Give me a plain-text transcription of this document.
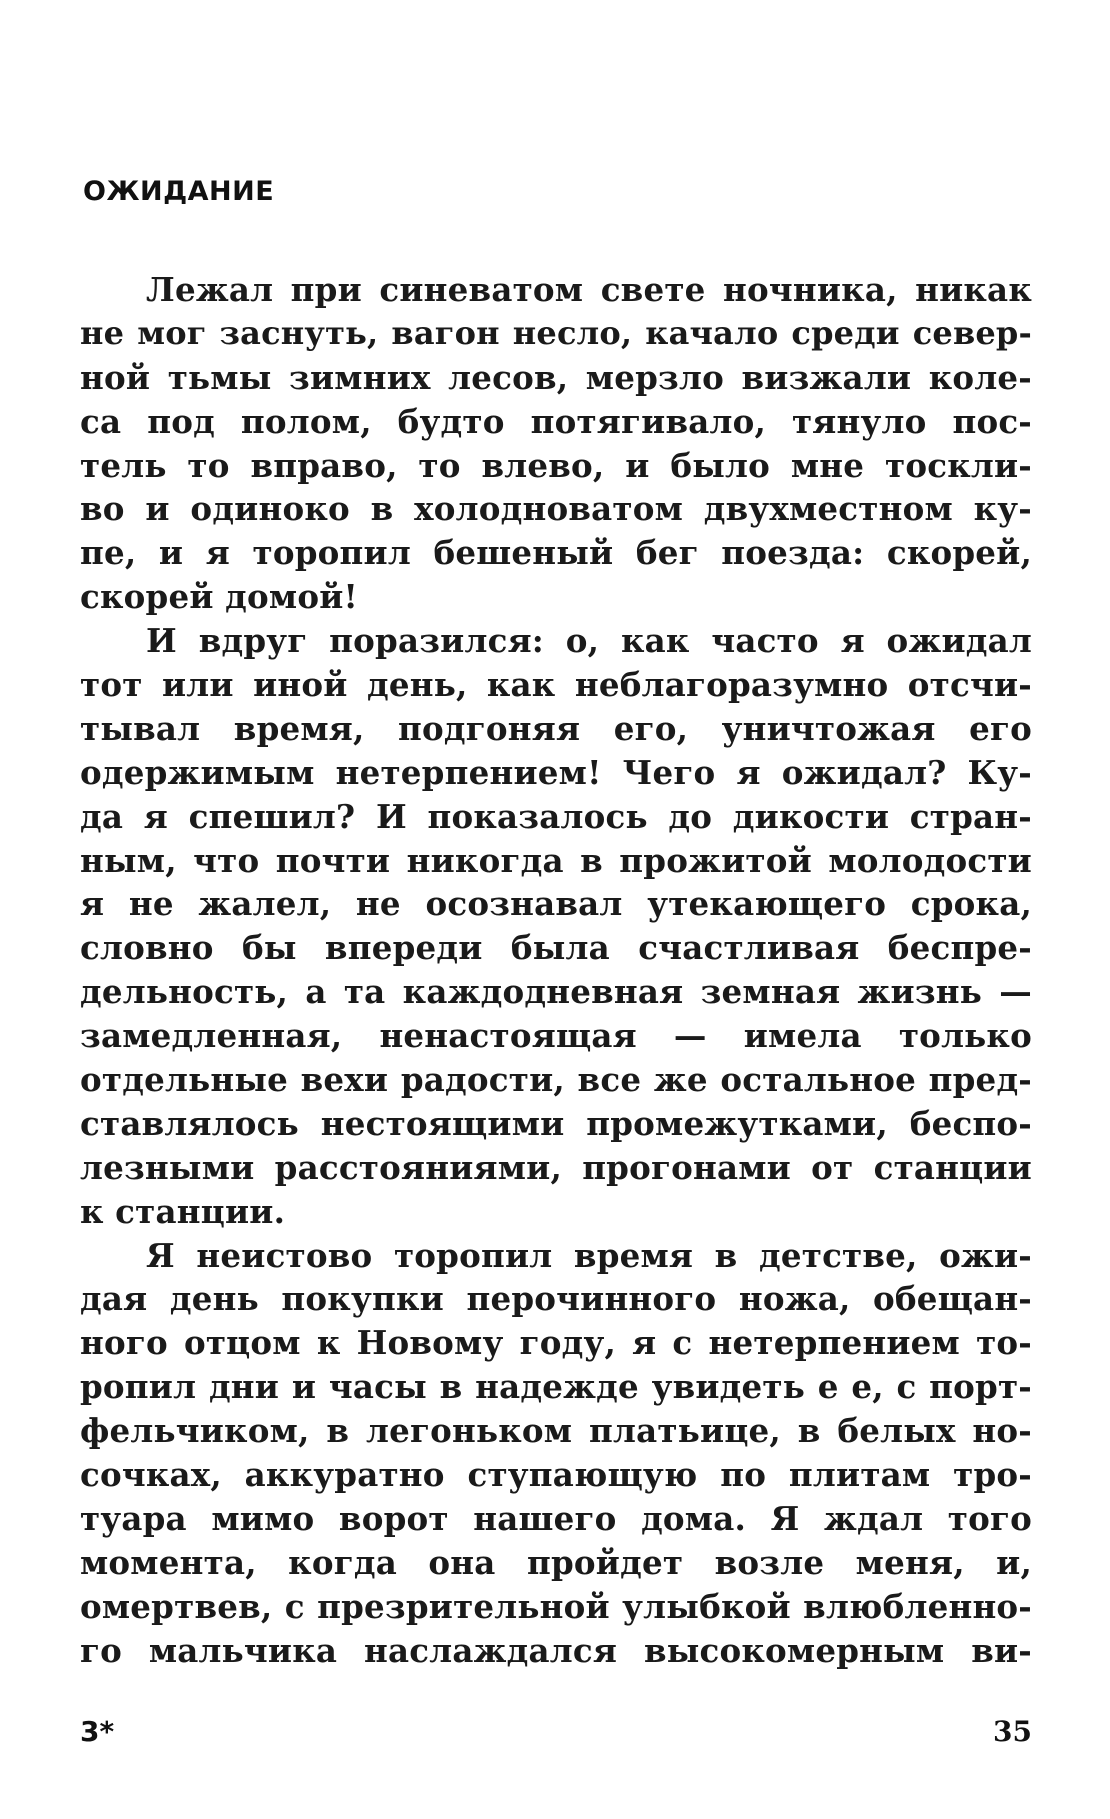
ОЖИДАНИЕ
Лежал при синеватом свете ночника, никак
не мог заснуть, вагон несло, качало среди север-
ной тьмы зимних лесов, мерзло визжали коле-
са под полом, будто потягивало, тянуло пос-
тель то вправо, то влево, и было мне тоскли-
во и одиноко в холодноватом двухместном ку-
пе, и я торопил бешеный бег поезда: скорей,
скорей домой!
И вдруг поразился: о, как часто я ожидал
тот или иной день, как неблагоразумно отсчи-
тывал время, подгоняя его, уничтожая его
одержимым нетерпением! Чего я ожидал? Ку-
да я спешил? И показалось до дикости стран-
ным, что почти никогда в прожитой молодости
я не жалел, не осознавал утекающего срока,
словно бы впереди была счастливая беспре-
дельность, а та каждодневная земная жизнь —
замедленная, ненастоящая — имела только
отдельные вехи радости, все же остальное пред-
ставлялось нестоящими промежутками, беспо-
лезными расстояниями, прогонами от станции
к станции.
Я неистово торопил время в детстве, ожи-
дая день покупки перочинного ножа, обещан-
ного отцом к Новому году, я с нетерпением то-
ропил дни и часы в надежде увидеть е е, с порт-
фельчиком, в легоньком платьице, в белых но-
сочках, аккуратно ступающую по плитам тро-
туара мимо ворот нашего дома. Я ждал того
момента, когда она пройдет возле меня, и,
омертвев, с презрительной улыбкой влюбленно-
го мальчика наслаждался высокомерным ви-
3*	35
